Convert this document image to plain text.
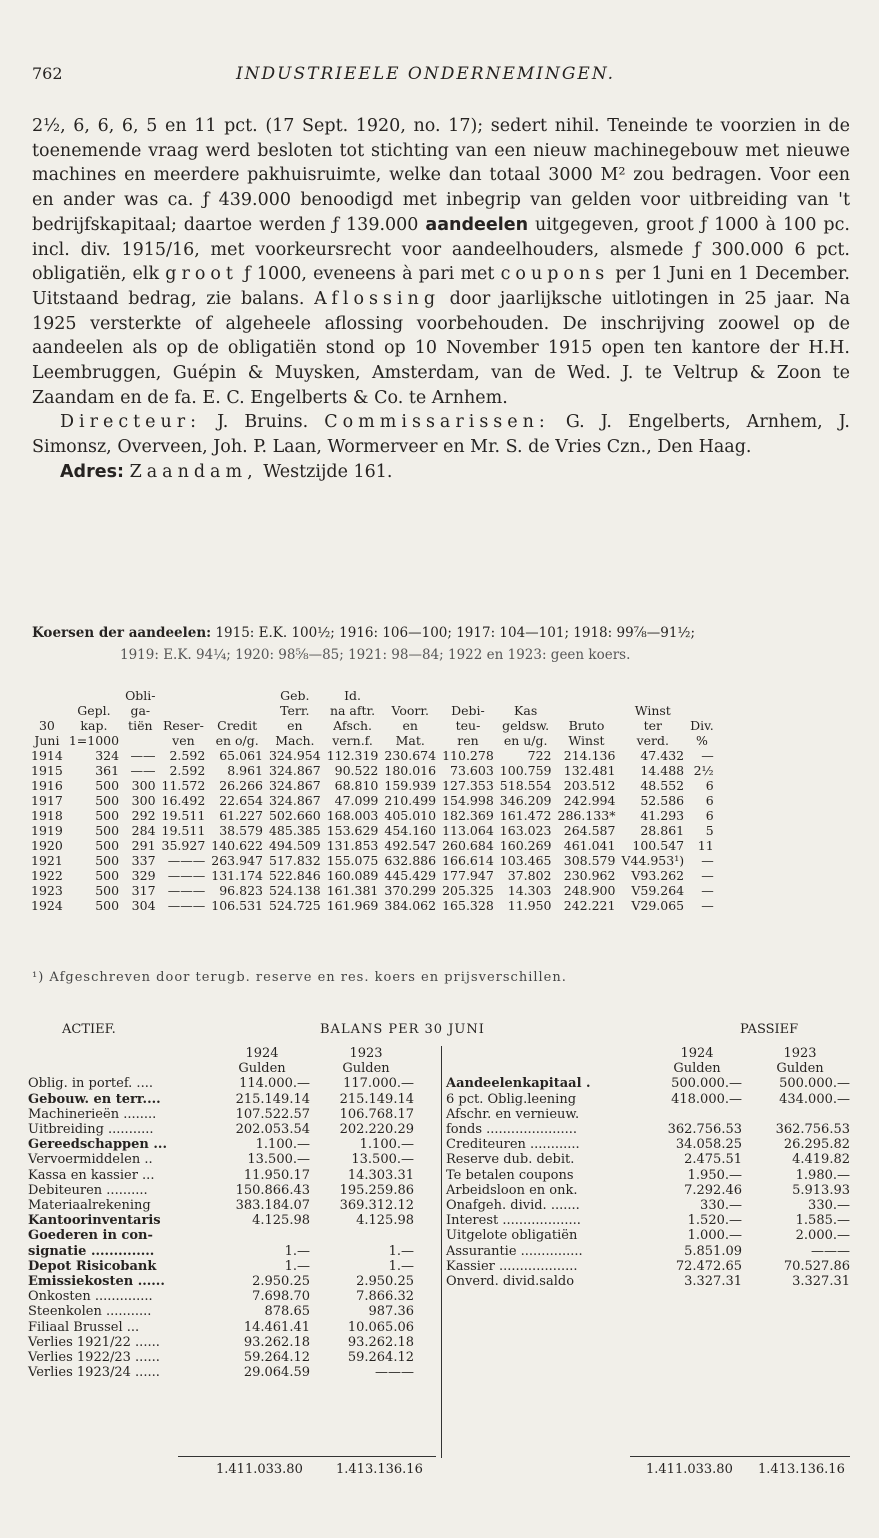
762	INDUSTRIEELE ONDERNEMINGEN.

2½, 6, 6, 6, 5 en 11 pct. (17 Sept. 1920, no. 17); sedert nihil. Teneinde te voorzien in de toenemende vraag werd besloten tot stichting van een nieuw machinegebouw met nieuwe machines en meerdere pakhuisruimte, welke dan totaal 3000 M² zou bedragen. Voor een en ander was ca. ƒ 439.000 benoodigd met inbegrip van gelden voor uitbreiding van 't bedrijfskapitaal; daartoe werden ƒ 139.000 aandeelen uitgegeven, groot ƒ 1000 à 100 pc. incl. div. 1915/16, met voorkeursrecht voor aandeelhouders, alsmede ƒ 300.000 6 pct. obligatiën, elk groot ƒ 1000, eveneens à pari met coupons per 1 Juni en 1 December. Uitstaand bedrag, zie balans. Aflossing door jaarlijksche uitlotingen in 25 jaar. Na 1925 versterkte of algeheele aflossing voorbehouden. De inschrijving zoowel op de aandeelen als op de obligatiën stond op 10 November 1915 open ten kantore der H.H. Leembruggen, Guépin & Muysken, Amsterdam, van de Wed. J. te Veltrup & Zoon te Zaandam en de fa. E. C. Engelberts & Co. te Arnhem.

Directeur: J. Bruins. Commissarissen: G. J. Engelberts, Arnhem, J. Simonsz, Overveen, Joh. P. Laan, Wormerveer en Mr. S. de Vries Czn., Den Haag.

Adres: Zaandam, Westzijde 161.

Koersen der aandeelen: 1915: E.K. 100½; 1916: 106—100; 1917: 104—101; 1918: 99⅞—91½;
1919: E.K. 94¼; 1920: 98⅝—85; 1921: 98—84; 1922 en 1923: geen koers.
		Obli-			Geb.	Id.						
	Gepl.	ga-			Terr.	na aftr.	Voorr.	Debi-	Kas		Winst	
30	kap.	tiën	Reser-	Credit	en	Afsch.	en	teu-	geldsw.	Bruto	ter	Div.
Juni	1=1000		ven	en o/g.	Mach.	vern.f.	Mat.	ren	en u/g.	Winst	verd.	%
1914	324	——	2.592	65.061	324.954	112.319	230.674	110.278	722	214.136	47.432	—
1915	361	——	2.592	8.961	324.867	90.522	180.016	73.603	100.759	132.481	14.488	2½
1916	500	300	11.572	26.266	324.867	68.810	159.939	127.353	518.554	203.512	48.552	6
1917	500	300	16.492	22.654	324.867	47.099	210.499	154.998	346.209	242.994	52.586	6
1918	500	292	19.511	61.227	502.660	168.003	405.010	182.369	161.472	286.133*	41.293	6
1919	500	284	19.511	38.579	485.385	153.629	454.160	113.064	163.023	264.587	28.861	5
1920	500	291	35.927	140.622	494.509	131.853	492.547	260.684	160.269	461.041	100.547	11
1921	500	337	———	263.947	517.832	155.075	632.886	166.614	103.465	308.579	V44.953¹)	—
1922	500	329	———	131.174	522.846	160.089	445.429	177.947	37.802	230.962	V93.262	—
1923	500	317	———	96.823	524.138	161.381	370.299	205.325	14.303	248.900	V59.264	—
1924	500	304	———	106.531	524.725	161.969	384.062	165.328	11.950	242.221	V29.065	—
¹) Afgeschreven door terugb. reserve en res. koers en prijsverschillen.
ACTIEF.	BALANS PER 30 JUNI	PASSIEF
	1924	1923
	Gulden	Gulden
Oblig. in portef. ....	114.000.—	117.000.—
Gebouw. en terr....	215.149.14	215.149.14
Machinerieën ........	107.522.57	106.768.17
Uitbreiding ...........	202.053.54	202.220.29
Gereedschappen ...	1.100.—	1.100.—
Vervoermiddelen ..	13.500.—	13.500.—
Kassa en kassier ...	11.950.17	14.303.31
Debiteuren ..........	150.866.43	195.259.86
Materiaalrekening	383.184.07	369.312.12
Kantoorinventaris	4.125.98	4.125.98
Goederen in con-		
signatie ..............	1.—	1.—
Depot Risicobank	1.—	1.—
Emissiekosten ......	2.950.25	2.950.25
Onkosten ..............	7.698.70	7.866.32
Steenkolen ...........	878.65	987.36
Filiaal Brussel ...	14.461.41	10.065.06
Verlies 1921/22 ......	93.262.18	93.262.18
Verlies 1922/23 ......	59.264.12	59.264.12
Verlies 1923/24 ......	29.064.59	———
	1924	1923
	Gulden	Gulden
Aandeelenkapitaal .	500.000.—	500.000.—
6 pct. Oblig.leening	418.000.—	434.000.—
Afschr. en vernieuw.		
fonds ......................	362.756.53	362.756.53
Crediteuren ............	34.058.25	26.295.82
Reserve dub. debit.	2.475.51	4.419.82
Te betalen coupons	1.950.—	1.980.—
Arbeidsloon en onk.	7.292.46	5.913.93
Onafgeh. divid. .......	330.—	330.—
Interest ...................	1.520.—	1.585.—
Uitgelote obligatiën	1.000.—	2.000.—
Assurantie ...............	5.851.09	———
Kassier ...................	72.472.65	70.527.86
Onverd. divid.saldo	3.327.31	3.327.31
1.411.033.80	1.413.136.16	1.411.033.80 1.413.136.16
